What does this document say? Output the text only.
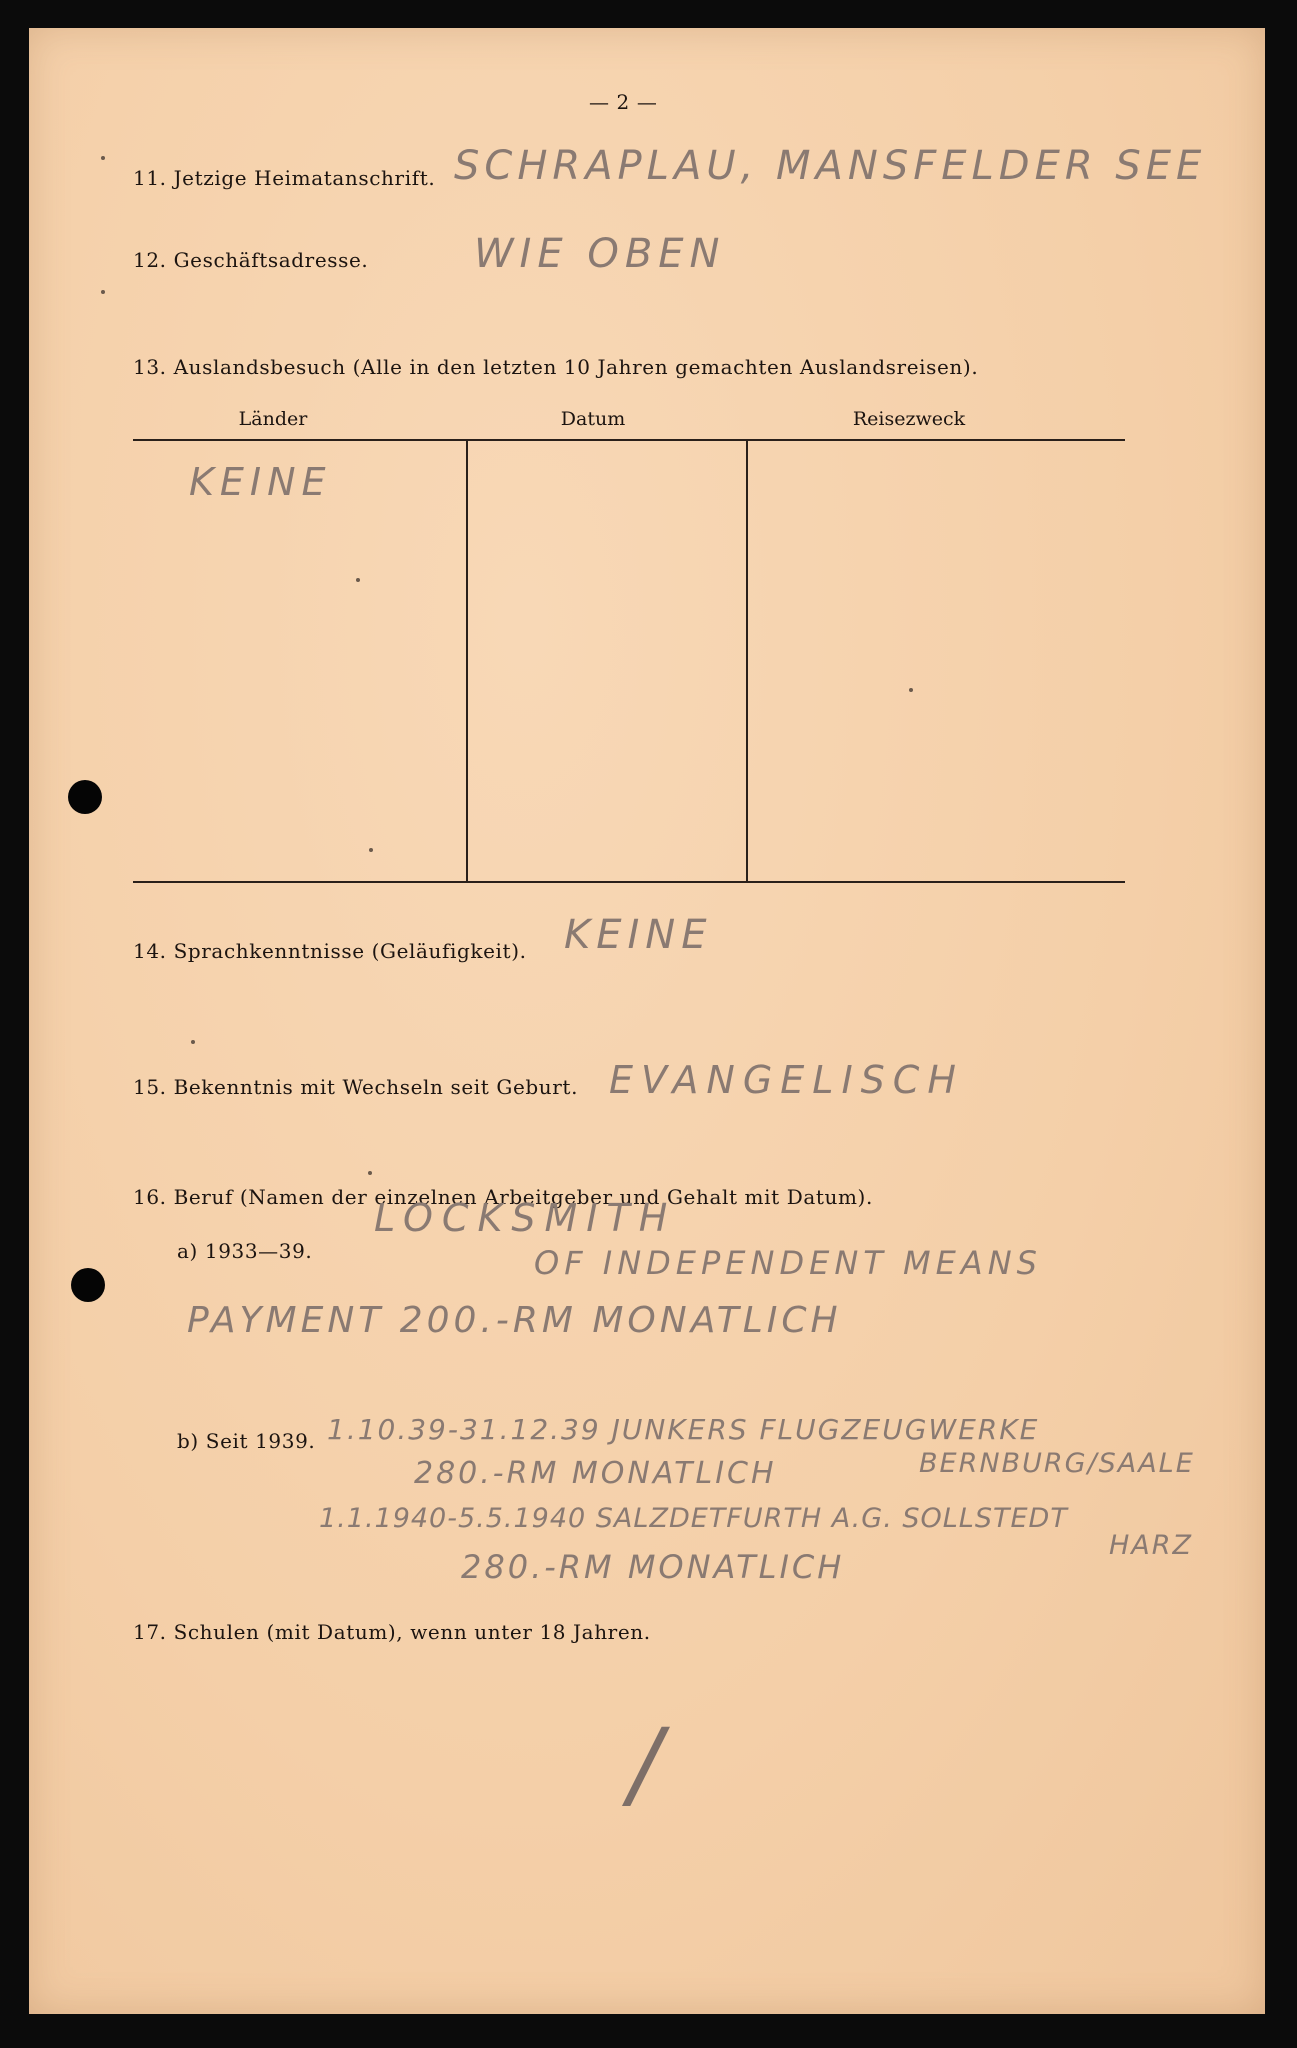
— 2 —
11. Jetzige Heimatanschrift. SCHRAPLAU, MANSFELDER SEE
12. Geschäftsadresse.	WIE OBEN
13. Auslandsbesuch (Alle in den letzten 10 Jahren gemachten Auslandsreisen).
Länder	Datum	Reisezweck
KEINE
14. Sprachkenntnisse (Geläufigkeit). KEINE
15. Bekenntnis mit Wechseln seit Geburt. EVANGELISCH
16. Beruf (Namen der einzelnen Arbeitgeber und Gehalt mit Datum).
a) 1933—39.
LOCKSMITH
OF INDEPENDENT MEANS
PAYMENT 200.-RM MONATLICH
b) Seit 1939. 1.10.39-31.12.39 JUNKERS FLUGZEUGWERKE
BERNBURG/SAALE
280.-RM MONATLICH
1.1.1940-5.5.1940 SALZDETFURTH A.G. SOLLSTEDT
HARZ
280.-RM MONATLICH
17. Schulen (mit Datum), wenn unter 18 Jahren.
/
